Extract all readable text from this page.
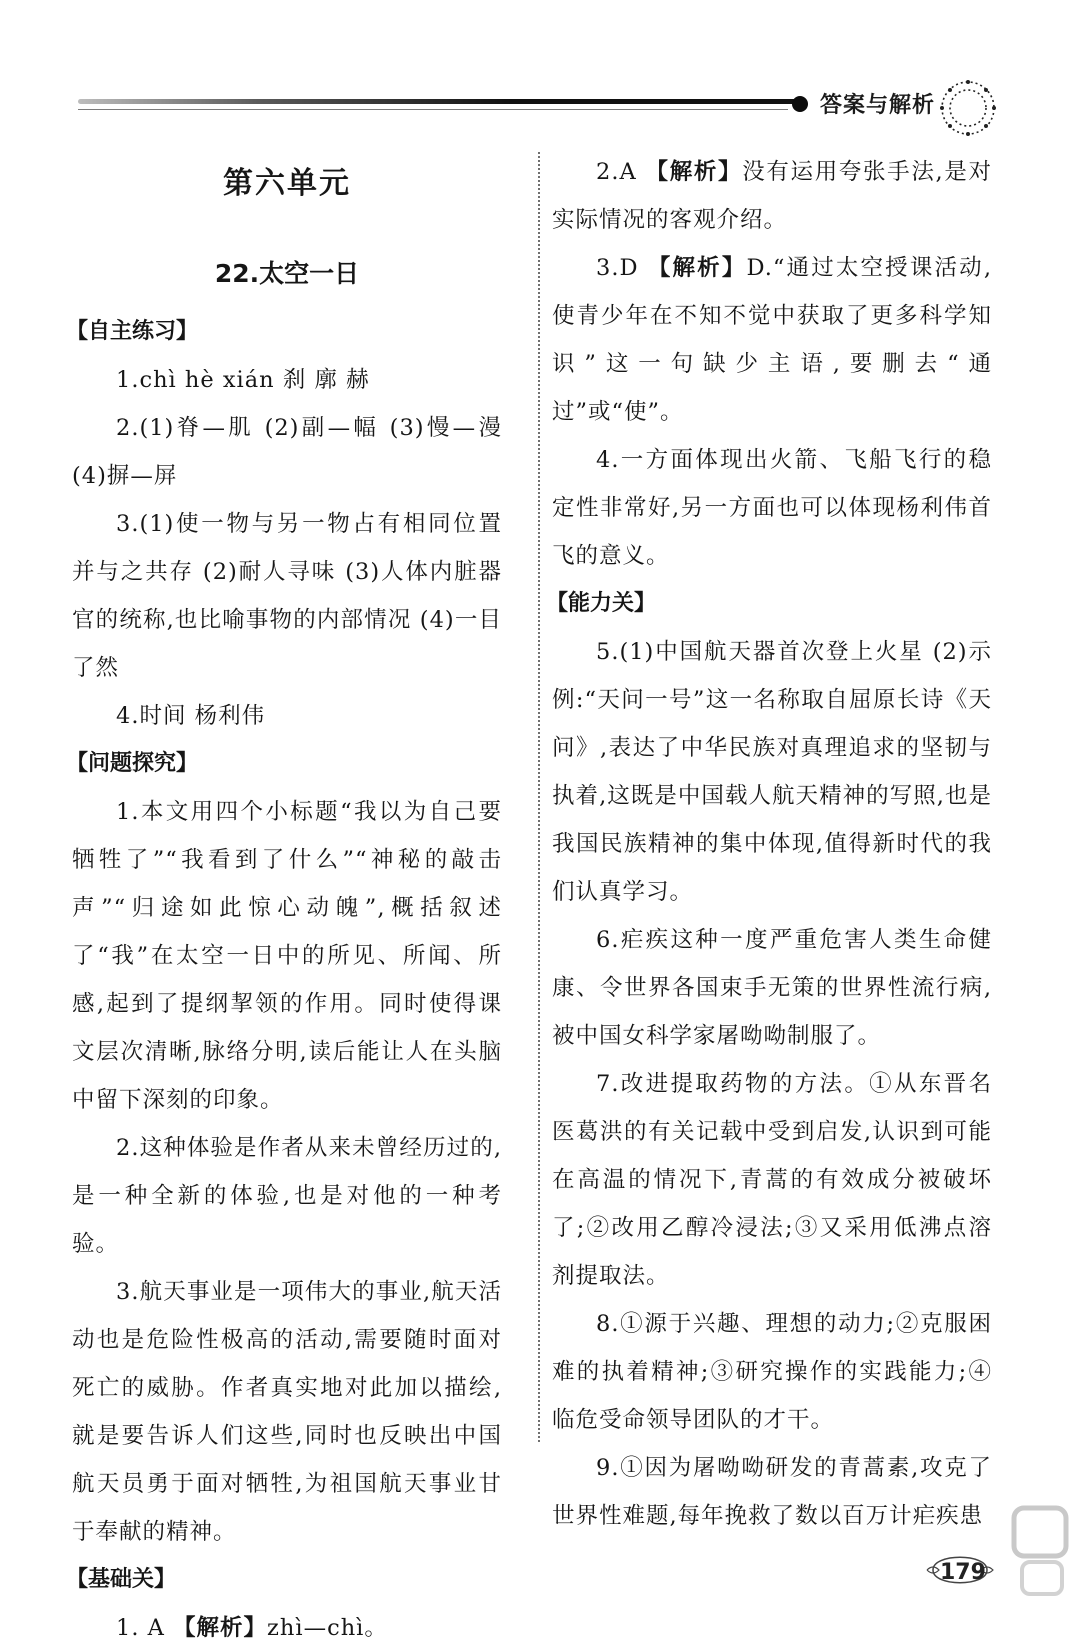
答案与解析
第六单元
22.太空一日
【自主练习】

1.chì hè xián 刹 廓 赫

2.(1)脊—肌 (2)副—幅 (3)慢—漫 (4)摒—屏

3.(1)使一物与另一物占有相同位置并与之共存 (2)耐人寻味 (3)人体内脏器官的统称,也比喻事物的内部情况 (4)一目了然

4.时间 杨利伟

【问题探究】

1.本文用四个小标题“我以为自己要牺牲了”“我看到了什么”“神秘的敲击声”“归途如此惊心动魄”,概括叙述了“我”在太空一日中的所见、所闻、所感,起到了提纲挈领的作用。同时使得课文层次清晰,脉络分明,读后能让人在头脑中留下深刻的印象。

2.这种体验是作者从来未曾经历过的,是一种全新的体验,也是对他的一种考验。

3.航天事业是一项伟大的事业,航天活动也是危险性极高的活动,需要随时面对死亡的威胁。作者真实地对此加以描绘,就是要告诉人们这些,同时也反映出中国航天员勇于面对牺牲,为祖国航天事业甘于奉献的精神。

【基础关】

1. A 【解析】zhì—chì。

2.A 【解析】没有运用夸张手法,是对实际情况的客观介绍。

3.D 【解析】D.“通过太空授课活动,使青少年在不知不觉中获取了更多科学知识”这一句缺少主语,要删去“通过”或“使”。

4.一方面体现出火箭、飞船飞行的稳定性非常好,另一方面也可以体现杨利伟首飞的意义。

【能力关】

5.(1)中国航天器首次登上火星 (2)示例:“天问一号”这一名称取自屈原长诗《天问》,表达了中华民族对真理追求的坚韧与执着,这既是中国载人航天精神的写照,也是我国民族精神的集中体现,值得新时代的我们认真学习。

6.疟疾这种一度严重危害人类生命健康、令世界各国束手无策的世界性流行病,被中国女科学家屠呦呦制服了。

7.改进提取药物的方法。①从东晋名医葛洪的有关记载中受到启发,认识到可能在高温的情况下,青蒿的有效成分被破坏了;②改用乙醇冷浸法;③又采用低沸点溶剂提取法。

8.①源于兴趣、理想的动力;②克服困难的执着精神;③研究操作的实践能力;④临危受命领导团队的才干。

9.①因为屠呦呦研发的青蒿素,攻克了世界性难题,每年挽救了数以百万计疟疾患

179
